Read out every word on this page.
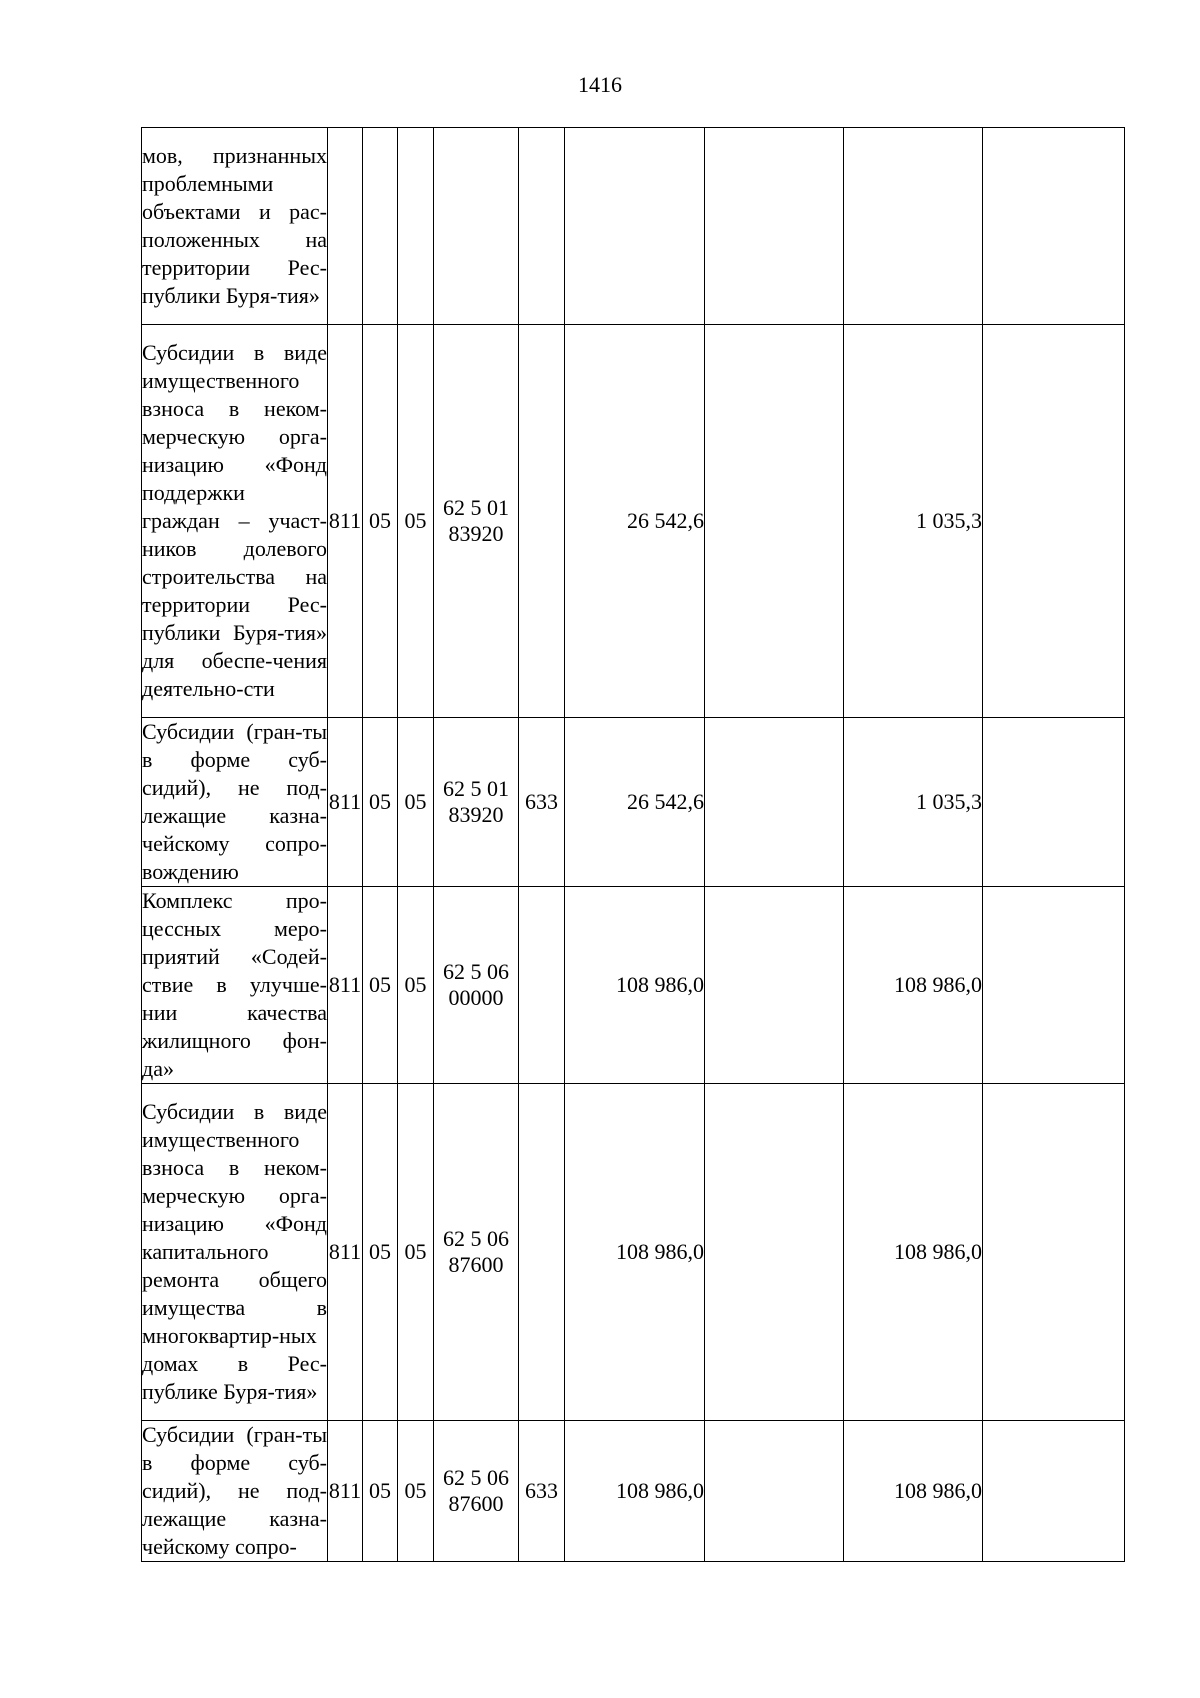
1416
мов, признанных проблемными объектами и рас-положенных на территории Рес-публики Буря-тия»									
Субсидии в виде имущественного взноса в неком-мерческую орга-низацию «Фонд поддержки граждан – участ-ников долевого строительства на территории Рес-публики Буря-тия» для обеспе-чения деятельно-сти	811	05	05	62 5 01 83920		26 542,6		1 035,3	
Субсидии (гран-ты в форме суб-сидий), не под-лежащие казна-чейскому сопро-вождению	811	05	05	62 5 01 83920	633	26 542,6		1 035,3	
Комплекс про-цессных меро-приятий «Содей-ствие в улучше-нии качества жилищного фон-да»	811	05	05	62 5 06 00000		108 986,0		108 986,0	
Субсидии в виде имущественного взноса в неком-мерческую орга-низацию «Фонд капитального ремонта общего имущества в многоквартир-ных домах в Рес-публике Буря-тия»	811	05	05	62 5 06 87600		108 986,0		108 986,0	
Субсидии (гран-ты в форме суб-сидий), не под-лежащие казна-чейскому сопро-	811	05	05	62 5 06 87600	633	108 986,0		108 986,0	
